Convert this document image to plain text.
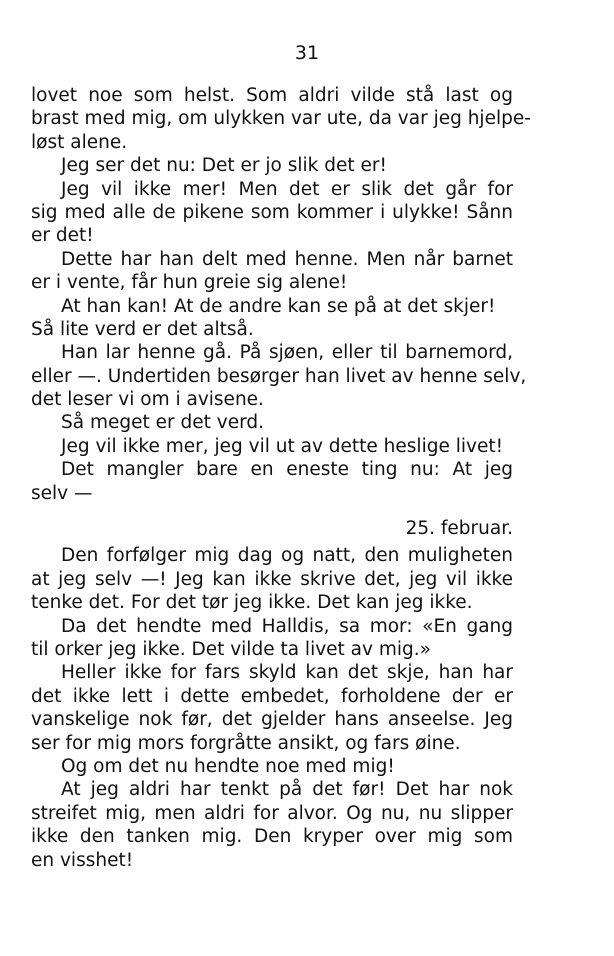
31
lovet noe som helst. Som aldri vilde stå last og
brast med mig, om ulykken var ute, da var jeg hjelpe-
løst alene.
Jeg ser det nu: Det er jo slik det er!
Jeg vil ikke mer! Men det er slik det går for
sig med alle de pikene som kommer i ulykke! Sånn
er det!
Dette har han delt med henne. Men når barnet
er i vente, får hun greie sig alene!
At han kan! At de andre kan se på at det skjer!
Så lite verd er det altså.
Han lar henne gå. På sjøen, eller til barnemord,
eller —. Undertiden besørger han livet av henne selv,
det leser vi om i avisene.
Så meget er det verd.
Jeg vil ikke mer, jeg vil ut av dette heslige livet!
Det mangler bare en eneste ting nu: At jeg
selv —
25. februar.
Den forfølger mig dag og natt, den muligheten
at jeg selv —! Jeg kan ikke skrive det, jeg vil ikke
tenke det. For det tør jeg ikke. Det kan jeg ikke.
Da det hendte med Halldis, sa mor: «En gang
til orker jeg ikke. Det vilde ta livet av mig.»
Heller ikke for fars skyld kan det skje, han har
det ikke lett i dette embedet, forholdene der er
vanskelige nok før, det gjelder hans anseelse. Jeg
ser for mig mors forgråtte ansikt, og fars øine.
Og om det nu hendte noe med mig!
At jeg aldri har tenkt på det før! Det har nok
streifet mig, men aldri for alvor. Og nu, nu slipper
ikke den tanken mig. Den kryper over mig som
en visshet!
